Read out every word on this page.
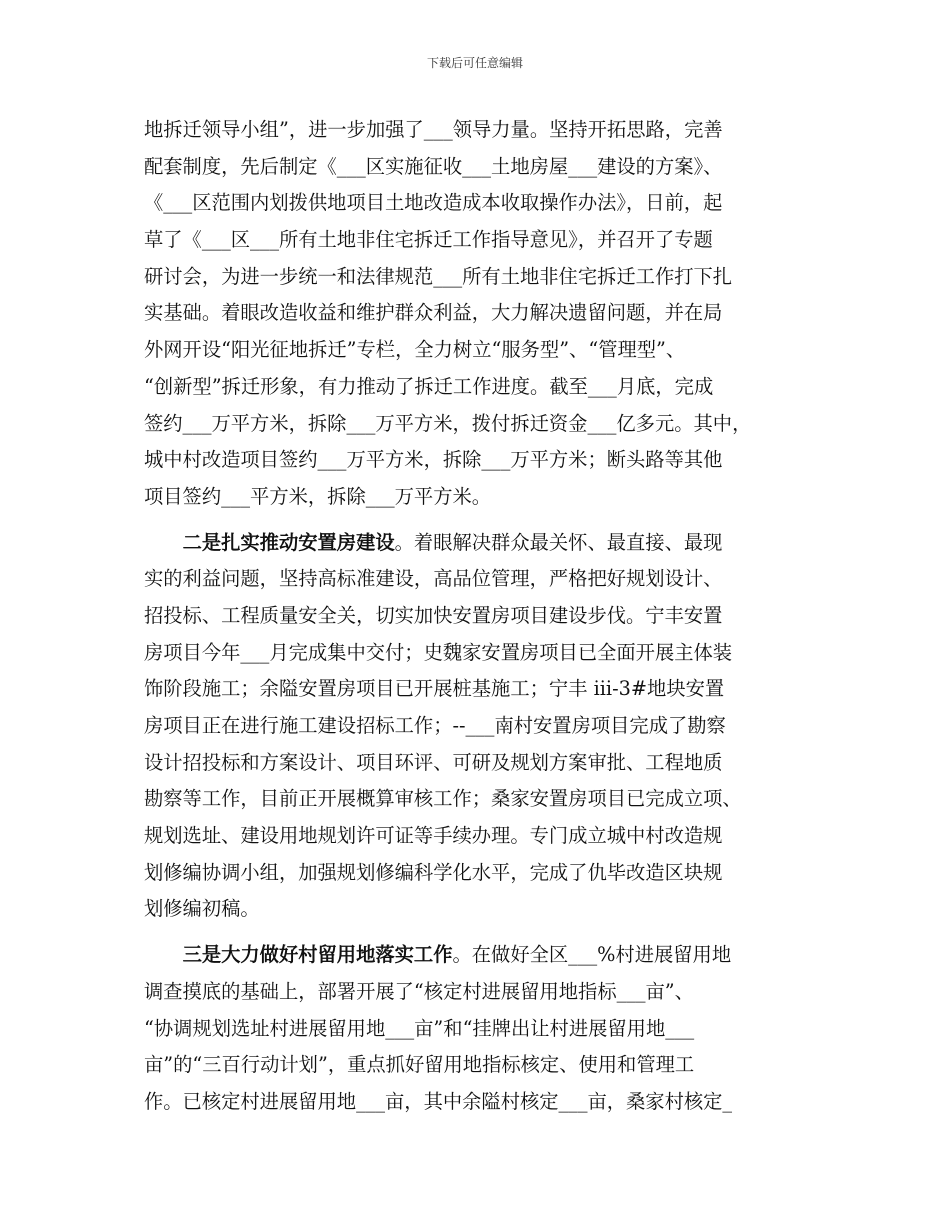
下载后可任意编辑
地拆迁领导小组”，进一步加强了___领导力量。坚持开拓思路，完善
配套制度，先后制定《___区实施征收___土地房屋___建设的方案》、
《___区范围内划拨供地项目土地改造成本收取操作办法》，日前，起
草了《___区___所有土地非住宅拆迁工作指导意见》，并召开了专题
研讨会，为进一步统一和法律规范___所有土地非住宅拆迁工作打下扎
实基础。着眼改造收益和维护群众利益，大力解决遗留问题，并在局
外网开设“阳光征地拆迁”专栏，全力树立“服务型”、“管理型”、
“创新型”拆迁形象，有力推动了拆迁工作进度。截至___月底，完成
签约___万平方米，拆除___万平方米，拨付拆迁资金___亿多元。其中，
城中村改造项目签约___万平方米，拆除___万平方米；断头路等其他
项目签约___平方米，拆除___万平方米。
　　二是扎实推动安置房建设。着眼解决群众最关怀、最直接、最现
实的利益问题，坚持高标准建设，高品位管理，严格把好规划设计、
招投标、工程质量安全关，切实加快安置房项目建设步伐。宁丰安置
房项目今年___月完成集中交付；史魏家安置房项目已全面开展主体装
饰阶段施工；余隘安置房项目已开展桩基施工；宁丰 iii-3#地块安置
房项目正在进行施工建设招标工作；--___南村安置房项目完成了勘察
设计招投标和方案设计、项目环评、可研及规划方案审批、工程地质
勘察等工作，目前正开展概算审核工作；桑家安置房项目已完成立项、
规划选址、建设用地规划许可证等手续办理。专门成立城中村改造规
划修编协调小组，加强规划修编科学化水平，完成了仇毕改造区块规
划修编初稿。
　　三是大力做好村留用地落实工作。在做好全区___%村进展留用地
调查摸底的基础上，部署开展了“核定村进展留用地指标___亩”、
“协调规划选址村进展留用地___亩”和“挂牌出让村进展留用地___
亩”的“三百行动计划”，重点抓好留用地指标核定、使用和管理工
作。已核定村进展留用地___亩，其中余隘村核定___亩，桑家村核定_
